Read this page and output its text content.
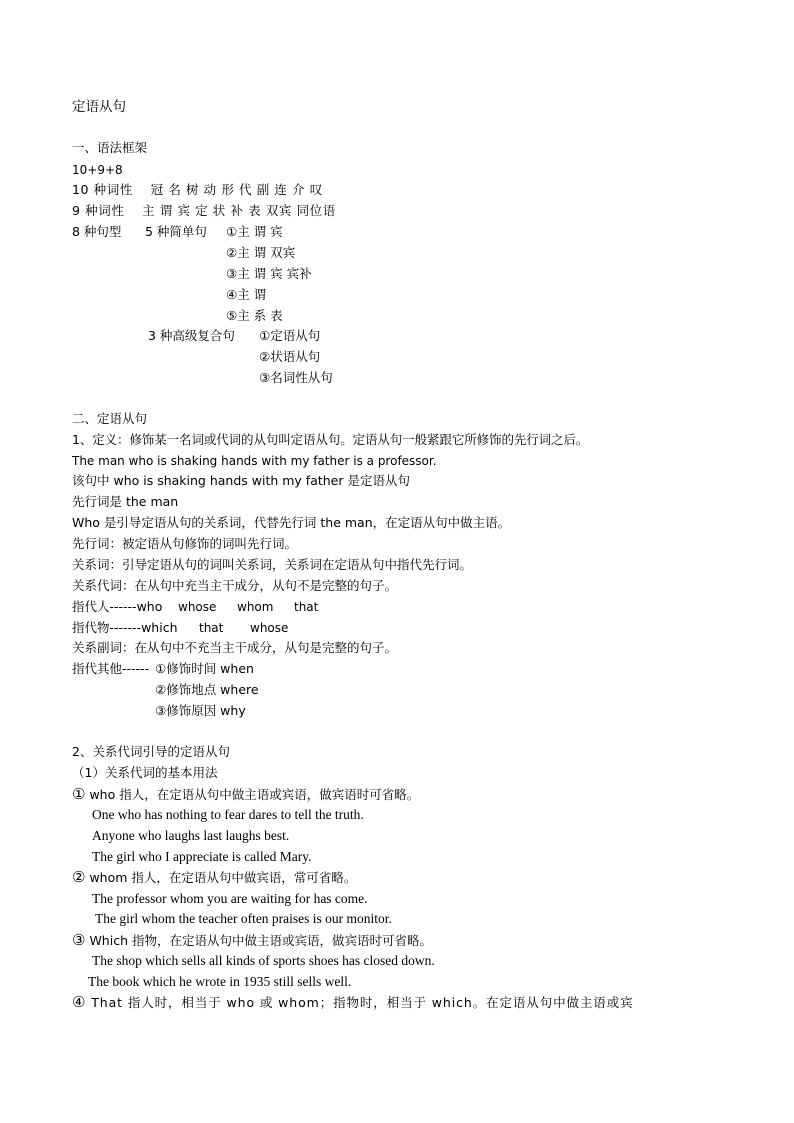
定语从句
一、语法框架
10+9+8
10 种词性　 冠 名 树 动 形 代 副 连 介 叹
9 种词性　 主 谓 宾 定 状 补 表 双宾 同位语
8 种句型 5 种简单句 ①主 谓 宾
②主 谓 双宾
③主 谓 宾 宾补
④主 谓
⑤主 系 表
3 种高级复合句 ①定语从句
②状语从句
③名词性从句
二、定语从句
1、定义：修饰某一名词或代词的从句叫定语从句。定语从句一般紧跟它所修饰的先行词之后。
The man who is shaking hands with my father is a professor.
该句中 who is shaking hands with my father 是定语从句
先行词是 the man
Who 是引导定语从句的关系词，代替先行词 the man，在定语从句中做主语。
先行词：被定语从句修饰的词叫先行词。
关系词：引导定语从句的词叫关系词，关系词在定语从句中指代先行词。
关系代词：在从句中充当主干成分，从句不是完整的句子。
指代人------who whose whom that
指代物-------which that whose
关系副词：在从句中不充当主干成分，从句是完整的句子。
指代其他------ ①修饰时间 when
②修饰地点 where
③修饰原因 why
2、关系代词引导的定语从句
（1）关系代词的基本用法
① who 指人，在定语从句中做主语或宾语，做宾语时可省略。
One who has nothing to fear dares to tell the truth.
Anyone who laughs last laughs best.
The girl who I appreciate is called Mary.
② whom 指人，在定语从句中做宾语，常可省略。
The professor whom you are waiting for has come.
The girl whom the teacher often praises is our monitor.
③ Which 指物，在定语从句中做主语或宾语，做宾语时可省略。
The shop which sells all kinds of sports shoes has closed down.
The book which he wrote in 1935 still sells well.
④ That 指人时，相当于 who 或 whom；指物时，相当于 which。在定语从句中做主语或宾
